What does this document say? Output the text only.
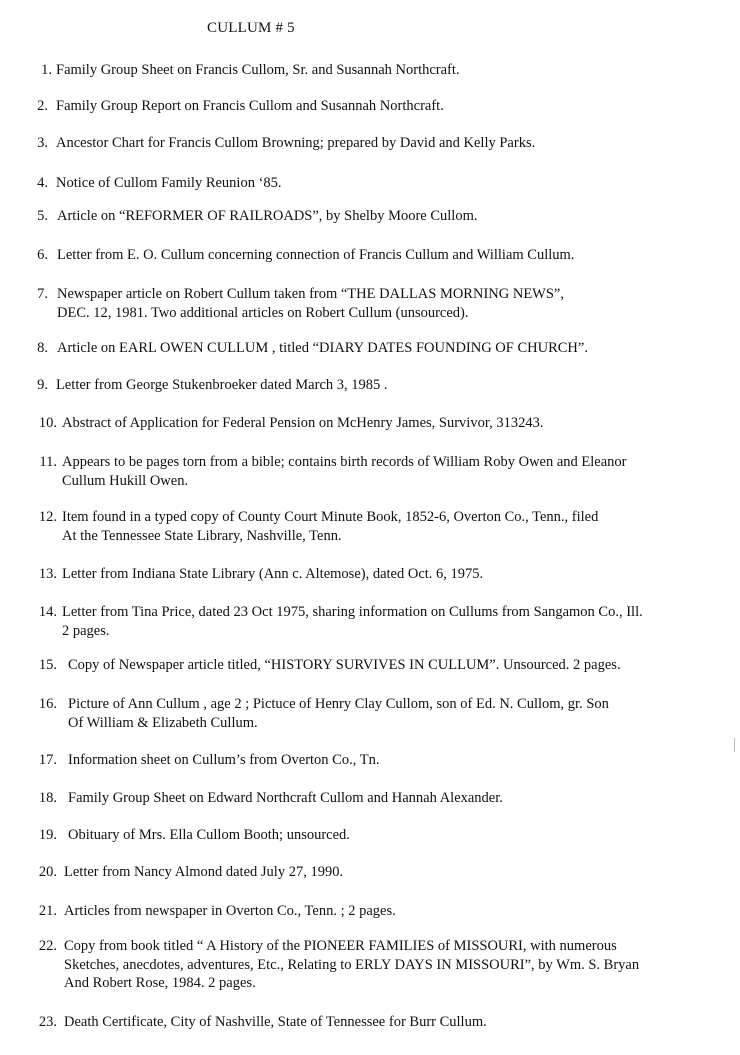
CULLUM # 5
1. Family Group Sheet on Francis Cullom, Sr. and Susannah Northcraft.
2. Family Group Report on Francis Cullom and Susannah Northcraft.
3. Ancestor Chart for Francis Cullom Browning; prepared by David and Kelly Parks.
4. Notice of Cullom Family Reunion ‘85.
5. Article on “REFORMER OF RAILROADS”, by Shelby Moore Cullom.
6. Letter from E. O. Cullum concerning connection of Francis Cullum and William Cullum.
7. Newspaper article on Robert Cullum taken from “THE DALLAS MORNING NEWS”,
DEC. 12, 1981. Two additional articles on Robert Cullum (unsourced).
8. Article on EARL OWEN CULLUM , titled “DIARY DATES FOUNDING OF CHURCH”.
9. Letter from George Stukenbroeker dated March 3, 1985 .
10. Abstract of Application for Federal Pension on McHenry James, Survivor, 313243.
11. Appears to be pages torn from a bible; contains birth records of William Roby Owen and Eleanor
Cullum Hukill Owen.
12. Item found in a typed copy of County Court Minute Book, 1852-6, Overton Co., Tenn., filed
At the Tennessee State Library, Nashville, Tenn.
13. Letter from Indiana State Library (Ann c. Altemose), dated Oct. 6, 1975.
14. Letter from Tina Price, dated 23 Oct 1975, sharing information on Cullums from Sangamon Co., Ill.
2 pages.
15. Copy of Newspaper article titled, “HISTORY SURVIVES IN CULLUM”. Unsourced. 2 pages.
16. Picture of Ann Cullum , age 2 ; Pictuce of Henry Clay Cullom, son of Ed. N. Cullom, gr. Son
Of William & Elizabeth Cullum.
17. Information sheet on Cullum’s from Overton Co., Tn.
18. Family Group Sheet on Edward Northcraft Cullom and Hannah Alexander.
19. Obituary of Mrs. Ella Cullom Booth; unsourced.
20. Letter from Nancy Almond dated July 27, 1990.
21. Articles from newspaper in Overton Co., Tenn. ; 2 pages.
22. Copy from book titled “ A History of the PIONEER FAMILIES of MISSOURI, with numerous
Sketches, anecdotes, adventures, Etc., Relating to ERLY DAYS IN MISSOURI”, by Wm. S. Bryan
And Robert Rose, 1984. 2 pages.
23. Death Certificate, City of Nashville, State of Tennessee for Burr Cullum.
